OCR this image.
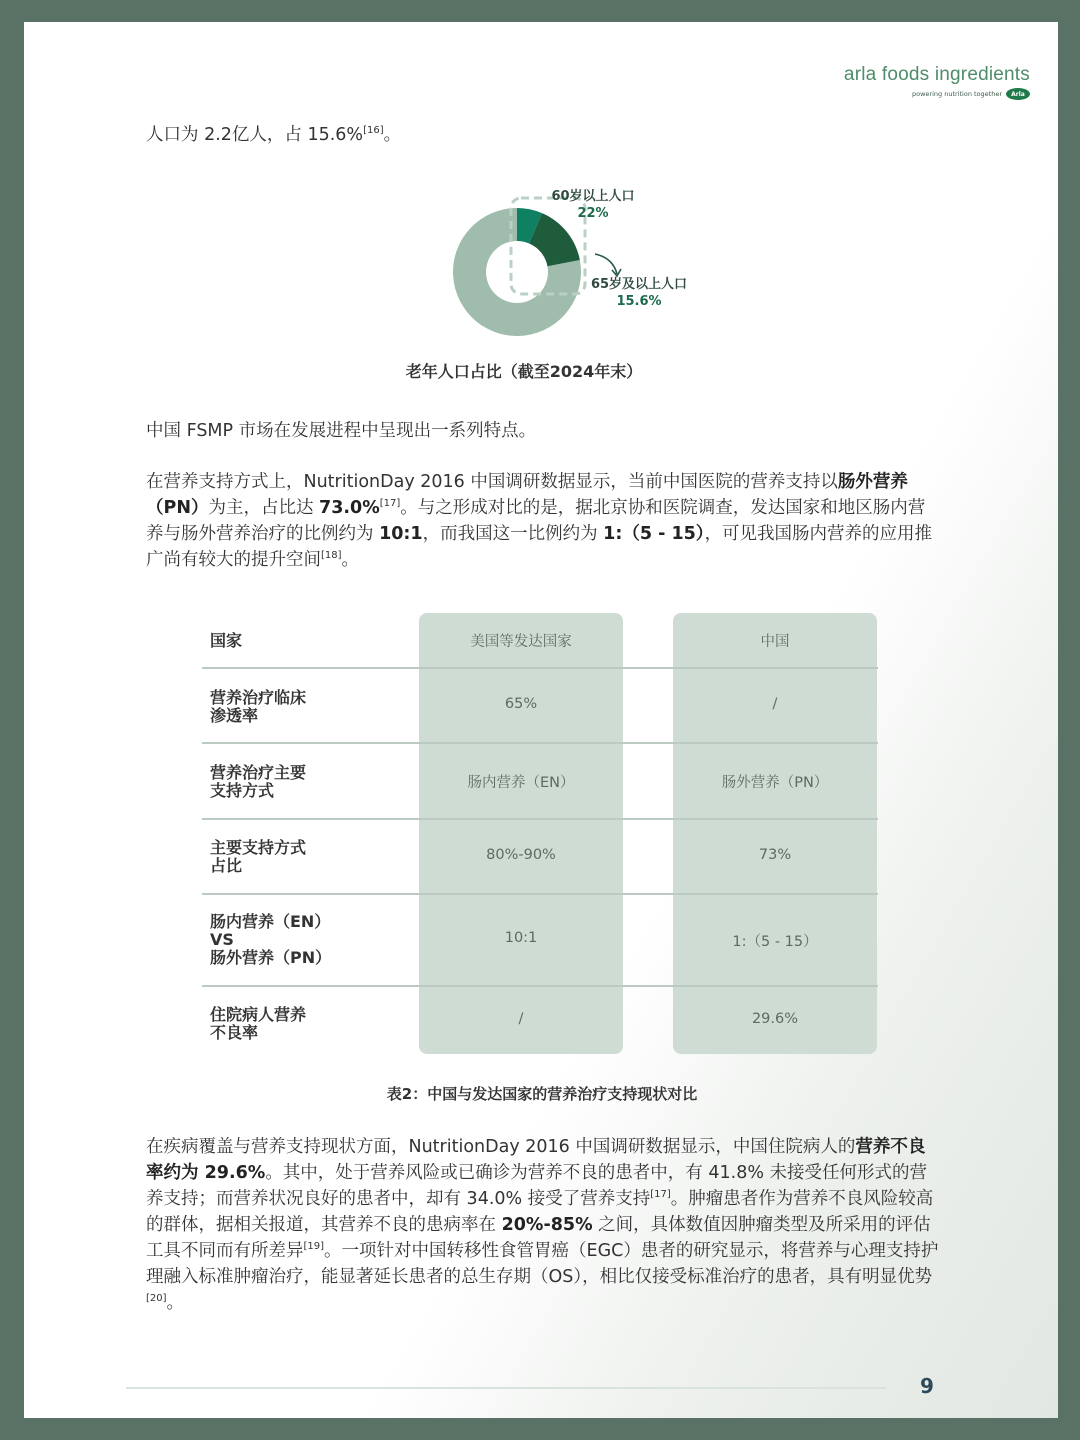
arla foods ingredients
powering nutrition together	Arla
人口为 2.2亿人，占 15.6%[16]。
60岁以上人口
22%
65岁及以上人口
15.6%
老年人口占比（截至2024年末）
中国 FSMP 市场在发展进程中呈现出一系列特点。
在营养支持方式上，NutritionDay 2016 中国调研数据显示，当前中国医院的营养支持以肠外营养（PN）为主，占比达 73.0%[17]。与之形成对比的是，据北京协和医院调查，发达国家和地区肠内营养与肠外营养治疗的比例约为 10:1，而我国这一比例约为 1:（5 - 15），可见我国肠内营养的应用推广尚有较大的提升空间[18]。
国家	美国等发达国家	中国
营养治疗临床
渗透率
65%	/
营养治疗主要
支持方式	肠内营养（EN）	肠外营养（PN）
主要支持方式
占比
80%-90%	73%
肠内营养（EN）
VS
肠外营养（PN）
10:1	1:（5 - 15）
住院病人营养
不良率
/	29.6%
表2：中国与发达国家的营养治疗支持现状对比
在疾病覆盖与营养支持现状方面，NutritionDay 2016 中国调研数据显示，中国住院病人的营养不良率约为 29.6%。其中，处于营养风险或已确诊为营养不良的患者中，有 41.8% 未接受任何形式的营养支持；而营养状况良好的患者中，却有 34.0% 接受了营养支持[17]。肿瘤患者作为营养不良风险较高的群体，据相关报道，其营养不良的患病率在 20%-85% 之间，具体数值因肿瘤类型及所采用的评估工具不同而有所差异[19]。一项针对中国转移性食管胃癌（EGC）患者的研究显示，将营养与心理支持护理融入标准肿瘤治疗，能显著延长患者的总生存期（OS），相比仅接受标准治疗的患者，具有明显优势[20]。
9
